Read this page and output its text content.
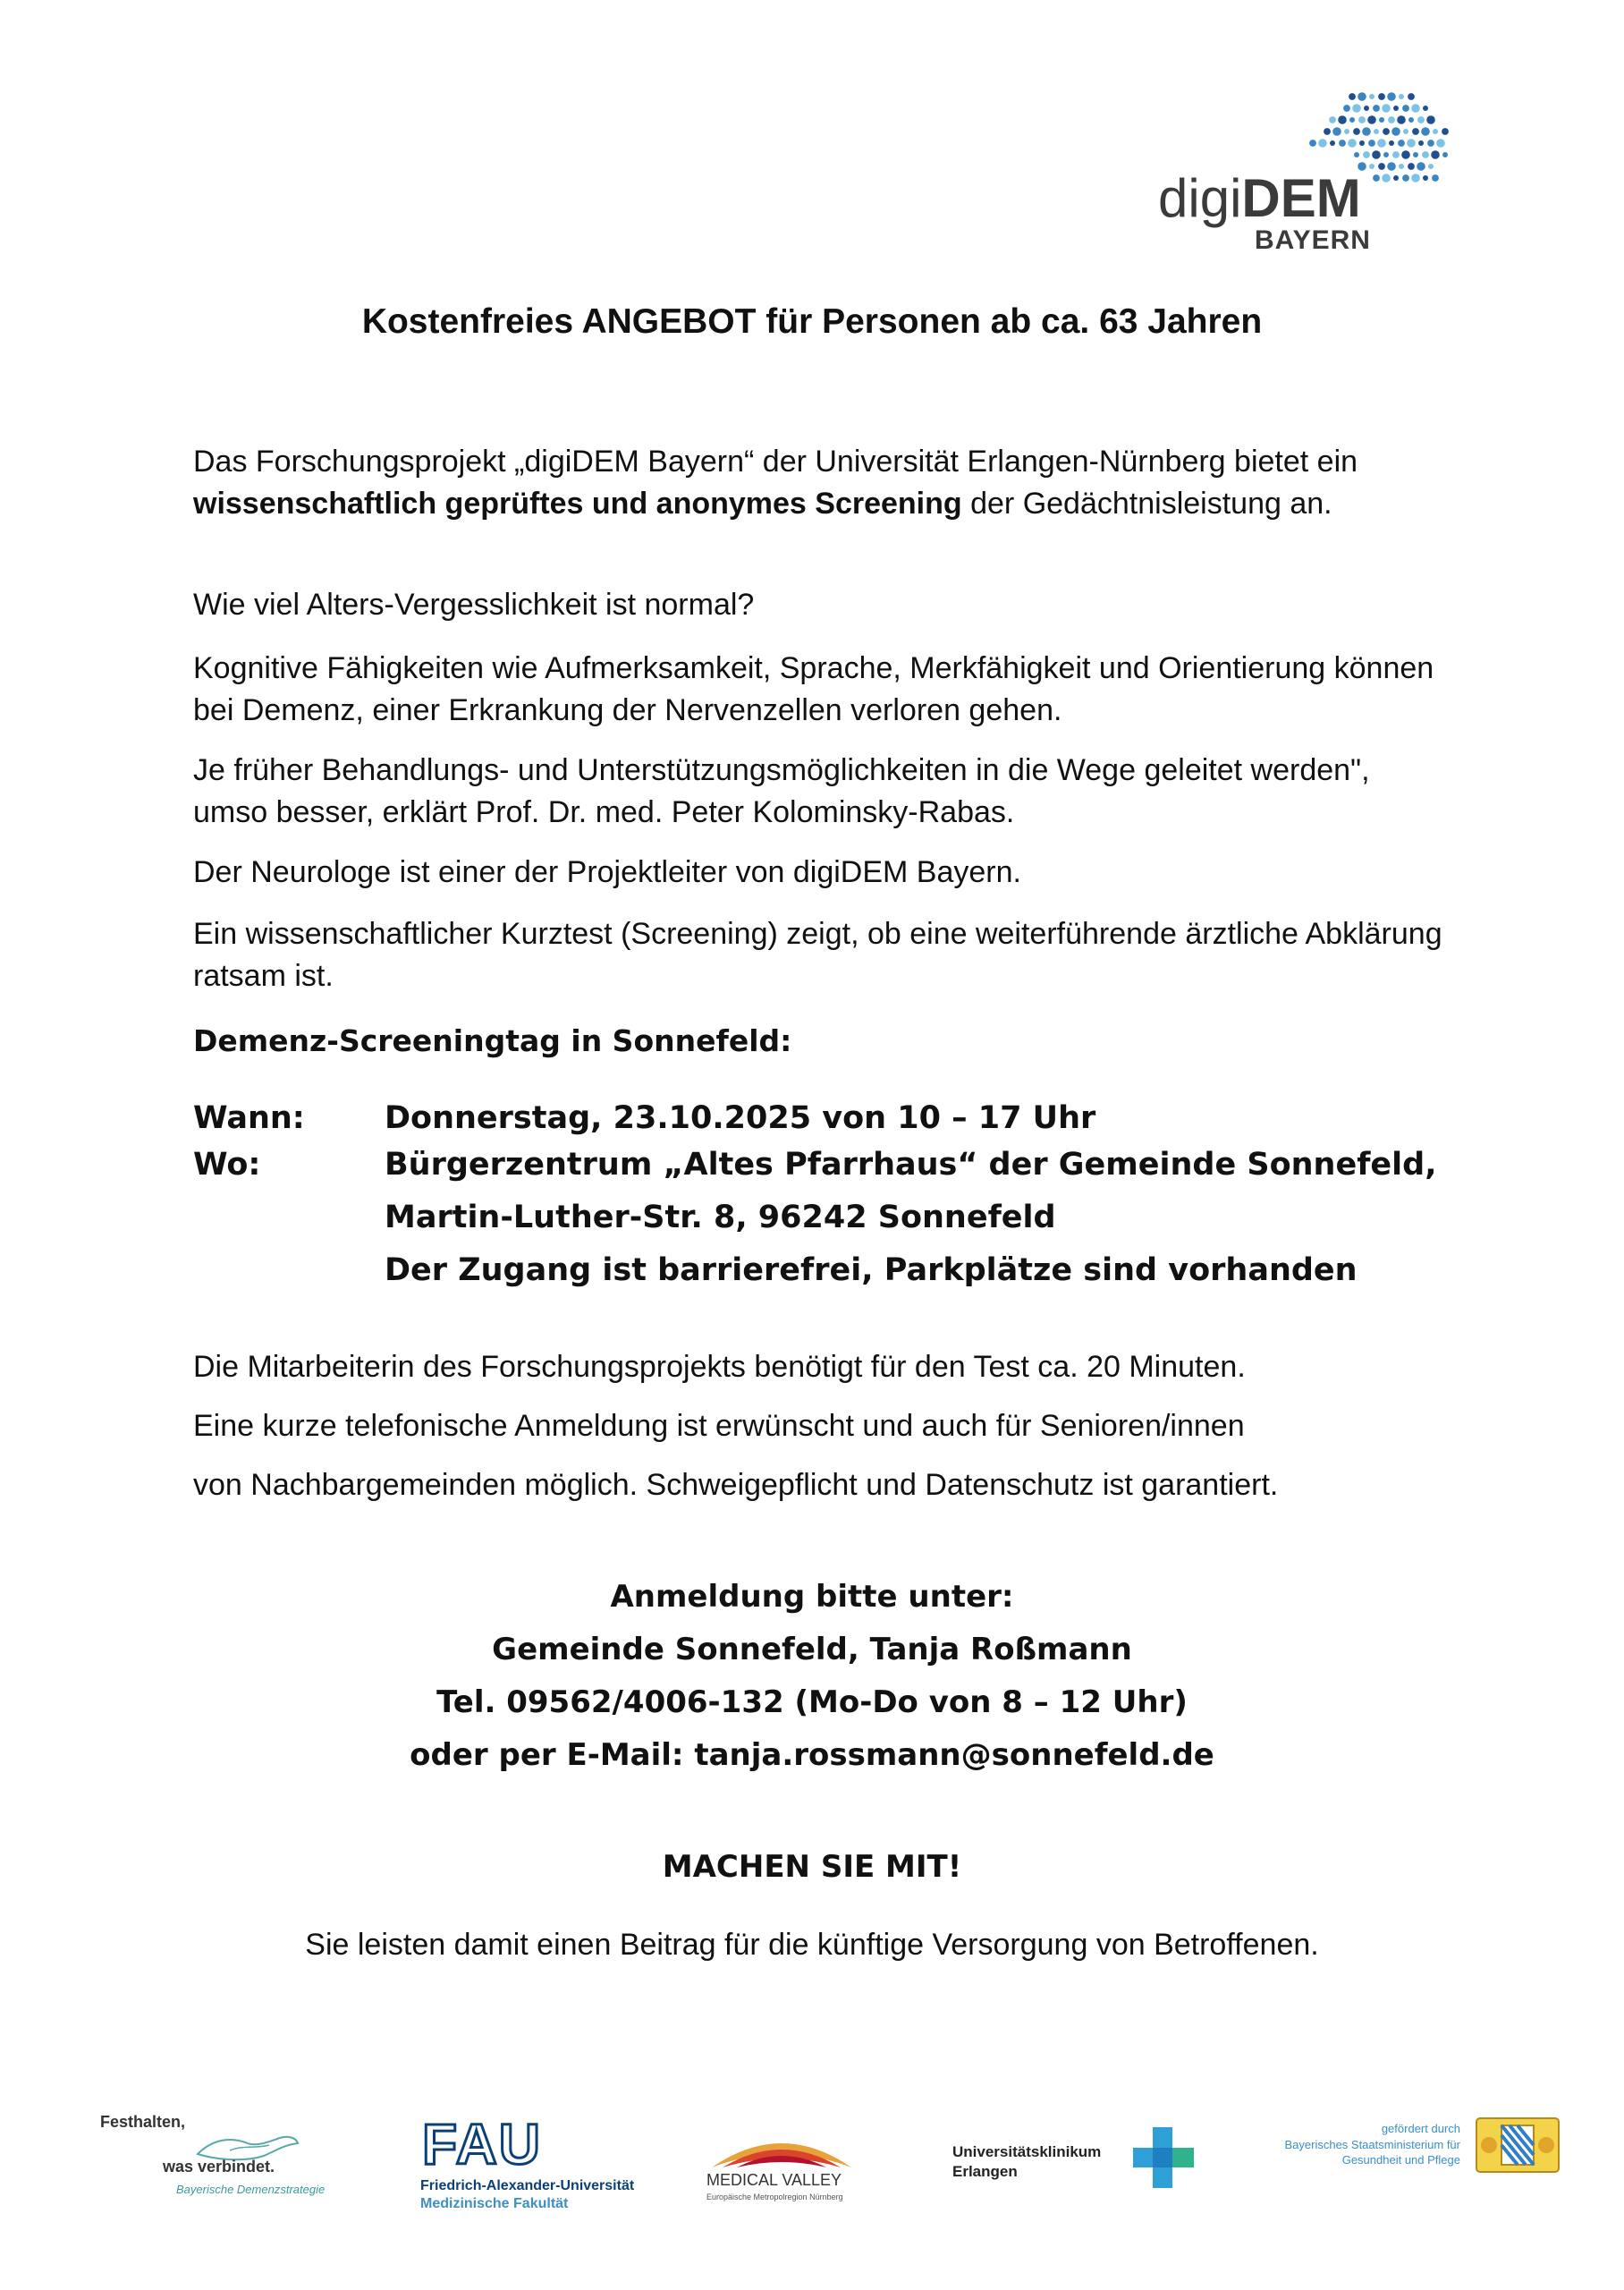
digiDEM
BAYERN
Kostenfreies ANGEBOT für Personen ab ca. 63 Jahren
Das Forschungsprojekt „digiDEM Bayern“ der Universität Erlangen-Nürnberg bietet ein wissenschaftlich geprüftes und anonymes Screening der Gedächtnisleistung an.
Wie viel Alters-Vergesslichkeit ist normal?
Kognitive Fähigkeiten wie Aufmerksamkeit, Sprache, Merkfähigkeit und Orientierung können bei Demenz, einer Erkrankung der Nervenzellen verloren gehen.
Je früher Behandlungs- und Unterstützungsmöglichkeiten in die Wege geleitet werden", umso besser, erklärt Prof. Dr. med. Peter Kolominsky-Rabas.
Der Neurologe ist einer der Projektleiter von digiDEM Bayern.
Ein wissenschaftlicher Kurztest (Screening) zeigt, ob eine weiterführende ärztliche Abklärung ratsam ist.
Demenz-Screeningtag in Sonnefeld:
Wann:	Donnerstag, 23.10.2025 von 10 – 17 Uhr
Wo:	Bürgerzentrum „Altes Pfarrhaus“ der Gemeinde Sonnefeld,
Martin-Luther-Str. 8, 96242 Sonnefeld
Der Zugang ist barrierefrei, Parkplätze sind vorhanden
Die Mitarbeiterin des Forschungsprojekts benötigt für den Test ca. 20 Minuten.
Eine kurze telefonische Anmeldung ist erwünscht und auch für Senioren/innen
von Nachbargemeinden möglich. Schweigepflicht und Datenschutz ist garantiert.
Anmeldung bitte unter:
Gemeinde Sonnefeld, Tanja Roßmann
Tel. 09562/4006-132 (Mo-Do von 8 – 12 Uhr)
oder per E-Mail: tanja.rossmann@sonnefeld.de
MACHEN SIE MIT!
Sie leisten damit einen Beitrag für die künftige Versorgung von Betroffenen.
Festhalten,
was verbindet.
Bayerische Demenzstrategie
FAU
Friedrich-Alexander-Universität
Medizinische Fakultät
MEDICAL VALLEY
Europäische Metropolregion Nürnberg
Universitätsklinikum
Erlangen
gefördert durch
Bayerisches Staatsministerium für
Gesundheit und Pflege
